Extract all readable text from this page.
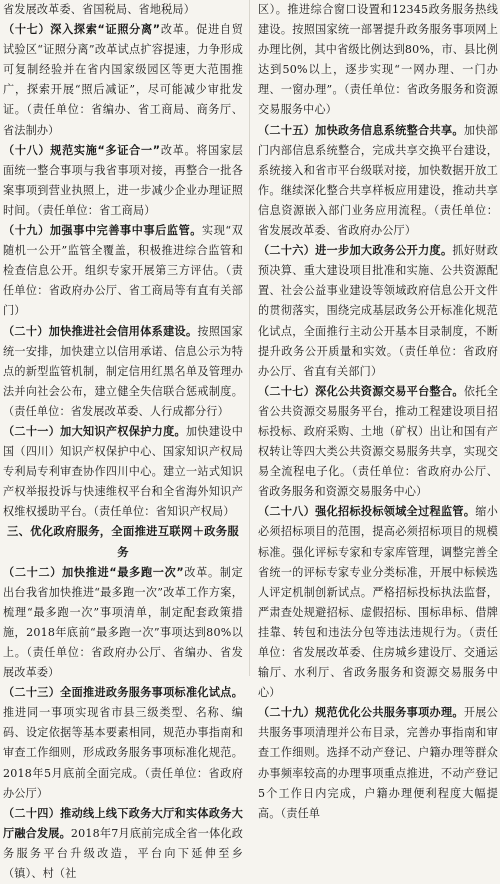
省发展改革委、省国税局、省地税局）

（十七）深入探索“证照分离”改革。促进自贸试验区“证照分离”改革试点扩容提速，力争形成可复制经验并在省内国家级园区等更大范围推广，探索开展“照后减证”，尽可能减少审批发证。（责任单位：省编办、省工商局、商务厅、省法制办）

（十八）规范实施“多证合一”改革。将国家层面统一整合事项与我省事项对接，再整合一批各案事项到营业执照上，进一步减少企业办理证照时间。（责任单位：省工商局）

（十九）加强事中完善事中事后监管。实现“双随机一公开”监管全覆盖，积极推进综合监管和检查信息公开。组织专家开展第三方评估。（责任单位：省政府办公厅、省工商局等有直有关部门）

（二十）加快推进社会信用体系建设。按照国家统一安排，加快建立以信用承诺、信息公示为特点的新型监管机制，制定信用红黑名单及管理办法并向社会公布，建立健全失信联合惩戒制度。（责任单位：省发展改革委、人行成都分行）

（二十一）加大知识产权保护力度。加快建设中国（四川）知识产权保护中心、国家知识产权局专利局专利审查协作四川中心。建立一站式知识产权举报投诉与快速维权平台和全省海外知识产权维权援助平台。（责任单位：省知识产权局）

三、优化政府服务，全面推进互联网＋政务服务

（二十二）加快推进“最多跑一次”改革。制定出台我省加快推进“最多跑一次”改革工作方案，梳理“最多跑一次”事项清单，制定配套政策措施，2018年底前“最多跑一次”事项达到80%以上。（责任单位：省政府办公厅、省编办、省发展改革委）

（二十三）全面推进政务服务事项标准化试点。推进同一事项实现省市县三级类型、名称、编码、设定依据等基本要素相同，规范办事指南和审查工作细则，形成政务服务事项标准化规范。2018年5月底前全面完成。（责任单位：省政府办公厅）

（二十四）推动线上线下政务大厅和实体政务大厅融合发展。2018年7月底前完成全省一体化政务服务平台升级改造，平台向下延伸至乡（镇）、村（社

区）。推进综合窗口设置和12345政务服务热线建设。按照国家统一部署提升政务服务事项网上办理比例，其中省级比例达到80%，市、县比例达到50%以上，逐步实现“一网办理、一门办理、一窗办理”。（责任单位：省政务服务和资源交易服务中心）

（二十五）加快政务信息系统整合共享。加快部门内部信息系统整合，完成共享交换平台建设，系统接入和省市平台级联对接，加快数据开放工作。继续深化整合共享样板应用建设，推动共享信息资源嵌入部门业务应用流程。（责任单位：省发展改革委、省政府办公厅）

（二十六）进一步加大政务公开力度。抓好财政预决算、重大建设项目批准和实施、公共资源配置、社会公益事业建设等领域政府信息公开文件的贯彻落实，围绕完成基层政务公开标准化规范化试点，全面推行主动公开基本目录制度，不断提升政务公开质量和实效。（责任单位：省政府办公厅、省直有关部门）

（二十七）深化公共资源交易平台整合。依托全省公共资源交易服务平台，推动工程建设项目招标投标、政府采购、土地（矿权）出让和国有产权转让等四大类公共资源交易服务共享，实现交易全流程电子化。（责任单位：省政府办公厅、省政务服务和资源交易服务中心）

（二十八）强化招标投标领域全过程监管。缩小必须招标项目的范围，提高必须招标项目的规模标准。强化评标专家和专家库管理，调整完善全省统一的评标专家专业分类标准，开展中标候选人评定机制创新试点。严格招标投标执法监督，严肃查处规避招标、虚假招标、围标串标、借牌挂靠、转包和违法分包等违法违规行为。（责任单位：省发展改革委、住房城乡建设厅、交通运输厅、水利厅、省政务服务和资源交易服务中心）

（二十九）规范优化公共服务事项办理。开展公共服务事项清理并公布目录，完善办事指南和审查工作细则。选择不动产登记、户籍办理等群众办事频率较高的办理事项重点推进，不动产登记5个工作日内完成，户籍办理便利程度大幅提高。（责任单
